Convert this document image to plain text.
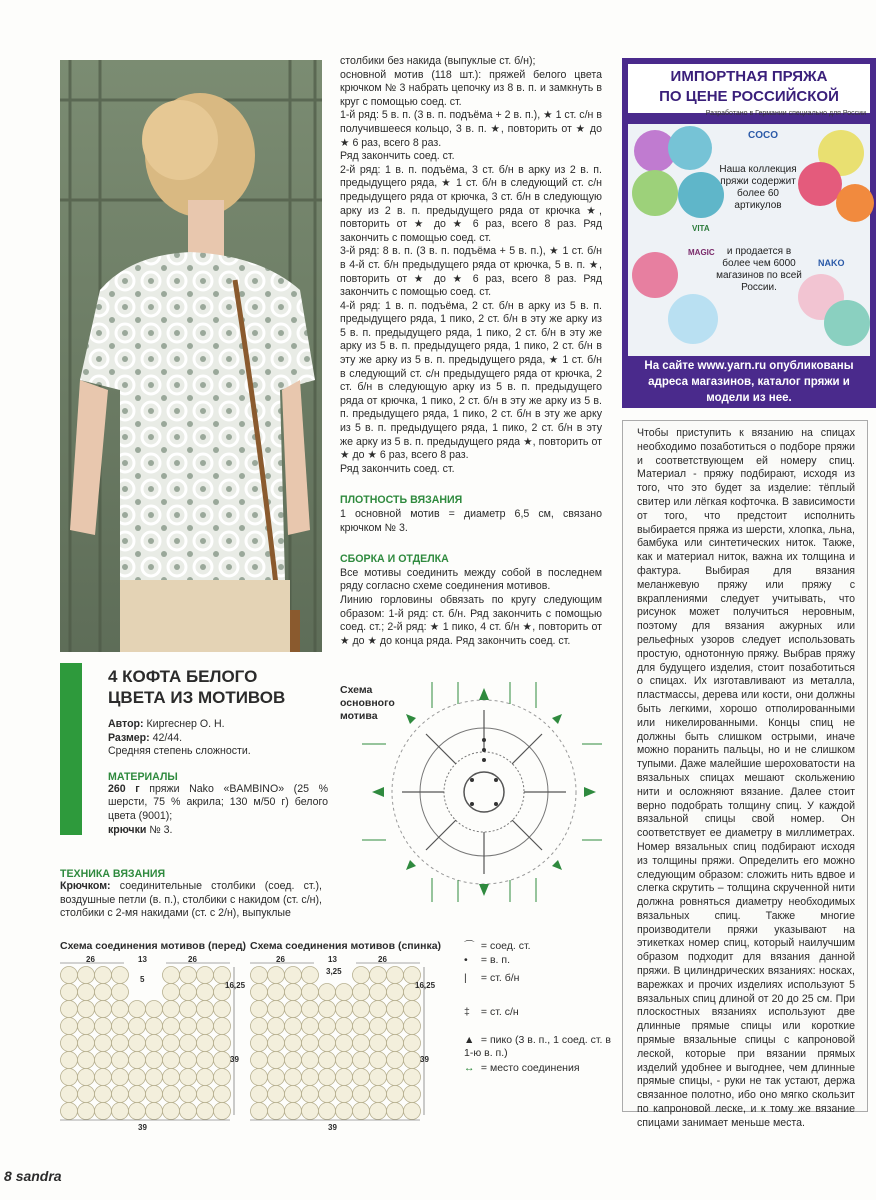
столбики без накида (выпуклые ст. б/н);

основной мотив (118 шт.): пряжей белого цвета крючком № 3 набрать цепочку из 8 в. п. и замкнуть в круг с помощью соед. ст.

1-й ряд: 5 в. п. (3 в. п. подъёма + 2 в. п.), ★ 1 ст. с/н в получившееся кольцо, 3 в. п. ★, повторить от ★ до ★ 6 раз, всего 8 раз.

Ряд закончить соед. ст.

2-й ряд: 1 в. п. подъёма, 3 ст. б/н в арку из 2 в. п. предыдущего ряда, ★ 1 ст. б/н в следующий ст. с/н предыдущего ряда от крючка, 3 ст. б/н в следующую арку из 2 в. п. предыдущего ряда от крючка ★, повторить от ★ до ★ 6 раз, всего 8 раз. Ряд закончить с помощью соед. ст.

3-й ряд: 8 в. п. (3 в. п. подъёма + 5 в. п.), ★ 1 ст. б/н в 4-й ст. б/н предыдущего ряда от крючка, 5 в. п. ★, повторить от ★ до ★ 6 раз, всего 8 раз. Ряд закончить с помощью соед. ст.

4-й ряд: 1 в. п. подъёма, 2 ст. б/н в арку из 5 в. п. предыдущего ряда, 1 пико, 2 ст. б/н в эту же арку из 5 в. п. предыдущего ряда, 1 пико, 2 ст. б/н в эту же арку из 5 в. п. предыдущего ряда, 1 пико, 2 ст. б/н в эту же арку из 5 в. п. предыдущего ряда, ★ 1 ст. б/н в следующий ст. с/н предыдущего ряда от крючка, 2 ст. б/н в следующую арку из 5 в. п. предыдущего ряда от крючка, 1 пико, 2 ст. б/н в эту же арку из 5 в. п. предыдущего ряда, 1 пико, 2 ст. б/н в эту же арку из 5 в. п. предыдущего ряда, 1 пико, 2 ст. б/н в эту же арку из 5 в. п. предыдущего ряда ★, повторить от ★ до ★ 6 раз, всего 8 раз.

Ряд закончить соед. ст.

ПЛОТНОСТЬ ВЯЗАНИЯ

1 основной мотив = диаметр 6,5 см, связано крючком № 3.

СБОРКА И ОТДЕЛКА

Все мотивы соединить между собой в последнем ряду согласно схеме соединения мотивов.

Линию горловины обвязать по кругу следующим образом: 1-й ряд: ст. б/н. Ряд закончить с помощью соед. ст.; 2-й ряд: ★ 1 пико, 4 ст. б/н ★, повторить от ★ до ★ до конца ряда. Ряд закончить соед. ст.

ИМПОРТНАЯ ПРЯЖА
ПО ЦЕНЕ РОССИЙСКОЙ
Разработано в Германии специально для России
COCO
MAGIC
NAKO
VITA
Наша коллекция пряжи содержит более 60 артикулов
и продается в более чем 6000 магазинов по всей России.
На сайте www.yarn.ru опубликованы адреса магазинов, каталог пряжи и модели из нее.

Чтобы приступить к вязанию на спицах необходимо позаботиться о подборе пряжи и соответствующем ей номеру спиц. Материал - пряжу подбирают, исходя из того, что это будет за изделие: тёплый свитер или лёгкая кофточка. В зависимости от того, что предстоит исполнить выбирается пряжа из шерсти, хлопка, льна, бамбука или синтетических ниток. Также, как и материал ниток, важна их толщина и фактура. Выбирая для вязания меланжевую пряжу или пряжу с вкраплениями следует учитывать, что рисунок может получиться неровным, поэтому для вязания ажурных или рельефных узоров следует использовать простую, однотонную пряжу. Выбрав пряжу для будущего изделия, стоит позаботиться о спицах. Их изготавливают из металла, пластмассы, дерева или кости, они должны быть легкими, хорошо отполированными или никелированными. Концы спиц не должны быть слишком острыми, иначе можно поранить пальцы, но и не слишком тупыми. Даже малейшие шероховатости на вязальных спицах мешают скольжению нити и осложняют вязание. Далее стоит верно подобрать толщину спиц. У каждой вязальной спицы свой номер. Он соответствует ее диаметру в миллиметрах. Номер вязальных спиц подбирают исходя из толщины пряжи. Определить его можно следующим образом: сложить нить вдвое и слегка скрутить – толщина скрученной нити должна ровняться диаметру необходимых вязальных спиц. Также многие производители пряжи указывают на этикетках номер спиц, который наилучшим образом подходит для вязания данной пряжи. В цилиндрических вязаниях: носках, варежках и прочих изделиях используют 5 вязальных спиц длиной от 20 до 25 см. При плоскостных вязаниях используют две длинные прямые спицы или короткие прямые вязальные спицы с капроновой леской, которые при вязании прямых изделий удобнее и выгоднее, чем длинные прямые спицы, - руки не так устают, держа связанное полотно, ибо оно мягко скользит по капроновой леске, и к тому же вязание спицами занимает меньше места.

4 КОФТА БЕЛОГО
ЦВЕТА ИЗ МОТИВОВ
Автор: Киргеснер О. Н.
Размер: 42/44.
Средняя степень сложности.
МАТЕРИАЛЫ
260 г пряжи Nako «BAMBINO» (25 % шерсти, 75 % акрила; 130 м/50 г) белого цвета (9001);
крючки № 3.
ТЕХНИКА ВЯЗАНИЯ
Крючком: соединительные столбики (соед. ст.), воздушные петли (в. п.), столбики с накидом (ст. с/н), столбики с 2-мя накидами (ст. с 2/н), выпуклые
Схема основного мотива
Схема соединения мотивов (перед) Схема соединения мотивов (спинка)
26	13	26
5
16,25
39
39
26	13	26
3,25
16,25
39
39
⌒ = соед. ст.
• = в. п.
| = ст. б/н
‡ = ст. с/н
▲ = пико (3 в. п., 1 соед. ст. в 1-ю в. п.)
↔ = место соединения
8 sandra
